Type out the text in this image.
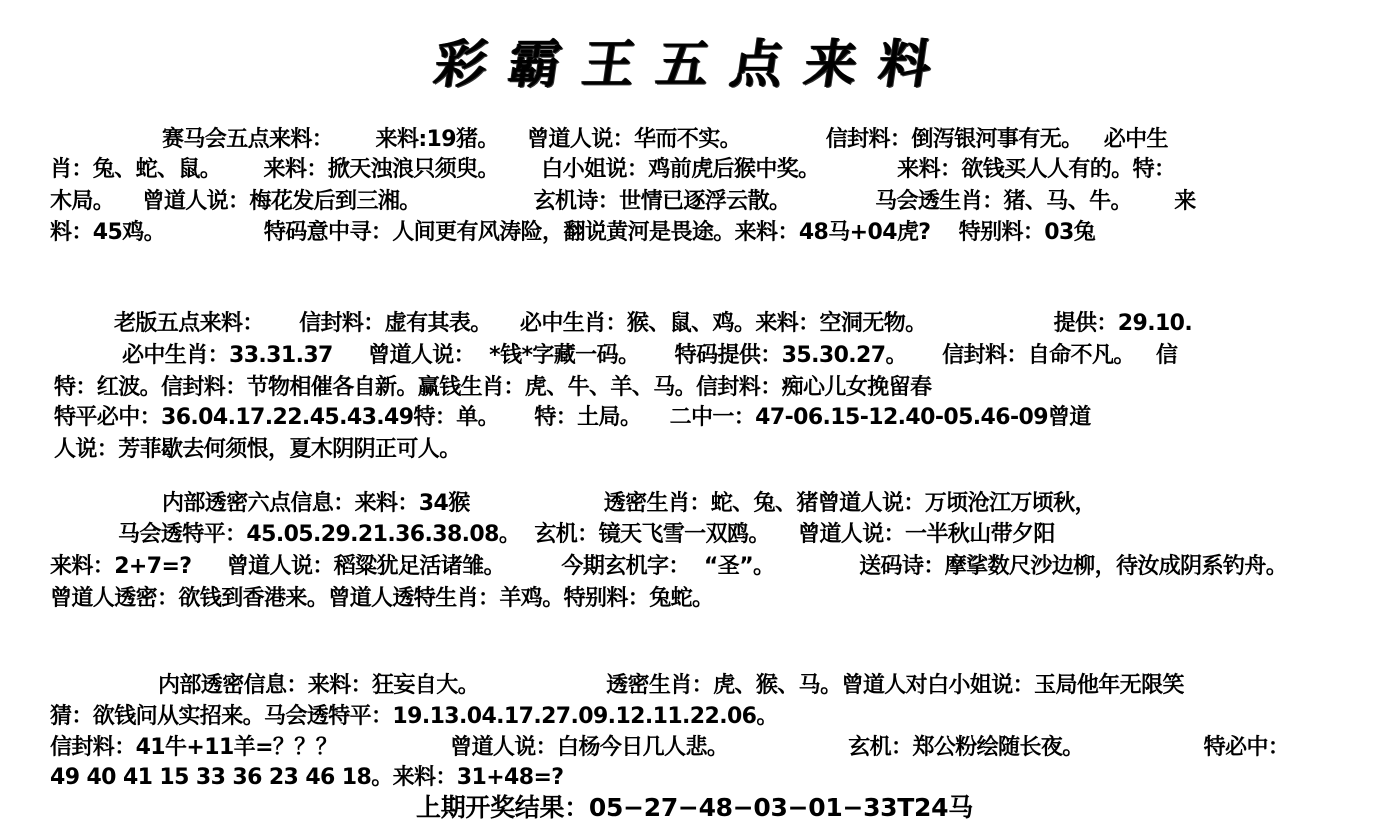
彩霸王五点来料

赛马会五点来料：      来料:19猪。    曾道人说：华而不实。            信封料：倒泻银河事有无。   必中生

肖：兔、蛇、鼠。      来料：掀天浊浪只须臾。      白小姐说：鸡前虎后猴中奖。           来料：欲钱买人人有的。特：

木局。    曾道人说：梅花发后到三湘。                玄机诗：世情已逐浮云散。            马会透生肖：猪、马、牛。      来

料：45鸡。              特码意中寻：人间更有风涛险，翻说黄河是畏途。来料：48马+04虎?    特别料：03兔

老版五点来料：     信封料：虚有其表。    必中生肖：猴、鼠、鸡。来料：空洞无物。                  提供：29.10.

必中生肖：33.31.37     曾道人说：  *钱*字藏一码。     特码提供：35.30.27。     信封料：自命不凡。   信

特：红波。信封料：节物相催各自新。赢钱生肖：虎、牛、羊、马。信封料：痴心儿女挽留春

特平必中：36.04.17.22.45.43.49特：单。     特：土局。    二中一：47-06.15-12.40-05.46-09曾道

人说：芳菲歇去何须恨，夏木阴阴正可人。

内部透密六点信息：来料：34猴                   透密生肖：蛇、兔、猪曾道人说：万顷沧江万顷秋，

马会透特平：45.05.29.21.36.38.08。  玄机：镜天飞雪一双鸥。    曾道人说：一半秋山带夕阳

来料：2+7=?     曾道人说：稻粱犹足活诸雏。        今期玄机字：  “圣”。            送码诗：摩挲数尺沙边柳，待汝成阴系钓舟。

曾道人透密：欲钱到香港来。曾道人透特生肖：羊鸡。特别料：兔蛇。

内部透密信息：来料：狂妄自大。                  透密生肖：虎、猴、马。曾道人对白小姐说：玉局他年无限笑

猜：欲钱问从实招来。马会透特平：19.13.04.17.27.09.12.11.22.06。

信封料：41牛+11羊=？？？                曾道人说：白杨今日几人悲。                 玄机：郑公粉绘随长夜。                 特必中：

49 40 41 15 33 36 23 46 18。来料：31+48=?

上期开奖结果：05−27−48−03−01−33T24马
